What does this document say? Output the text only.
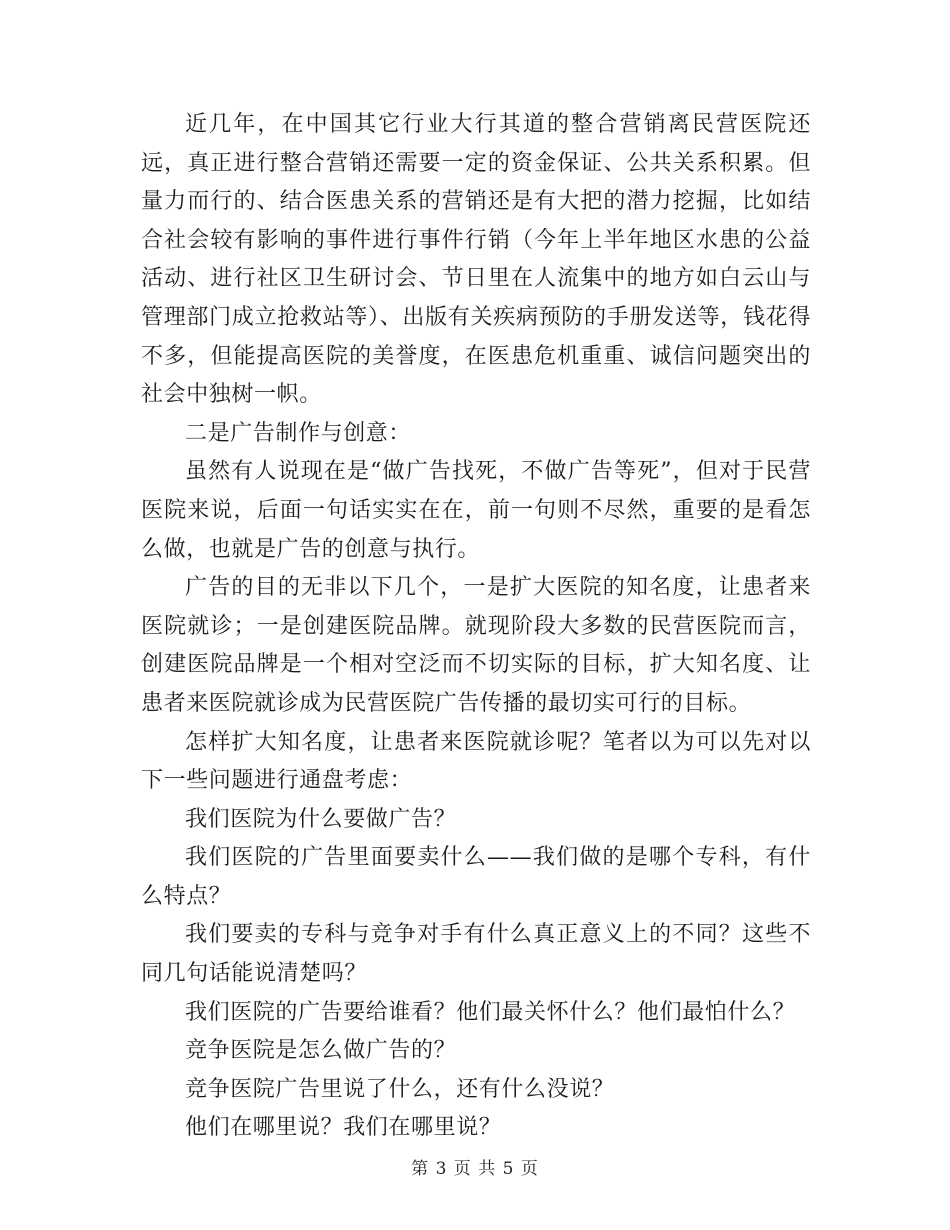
近几年，在中国其它行业大行其道的整合营销离民营医院还远，真正进行整合营销还需要一定的资金保证、公共关系积累。但量力而行的、结合医患关系的营销还是有大把的潜力挖掘，比如结合社会较有影响的事件进行事件行销（今年上半年地区水患的公益活动、进行社区卫生研讨会、节日里在人流集中的地方如白云山与管理部门成立抢救站等）、出版有关疾病预防的手册发送等，钱花得不多，但能提高医院的美誉度，在医患危机重重、诚信问题突出的社会中独树一帜。

二是广告制作与创意：

虽然有人说现在是“做广告找死，不做广告等死”，但对于民营医院来说，后面一句话实实在在，前一句则不尽然，重要的是看怎么做，也就是广告的创意与执行。

广告的目的无非以下几个，一是扩大医院的知名度，让患者来医院就诊；一是创建医院品牌。就现阶段大多数的民营医院而言，创建医院品牌是一个相对空泛而不切实际的目标，扩大知名度、让患者来医院就诊成为民营医院广告传播的最切实可行的目标。

怎样扩大知名度，让患者来医院就诊呢？笔者以为可以先对以下一些问题进行通盘考虑：

我们医院为什么要做广告？

我们医院的广告里面要卖什么——我们做的是哪个专科，有什么特点？

我们要卖的专科与竞争对手有什么真正意义上的不同？这些不同几句话能说清楚吗？

我们医院的广告要给谁看？他们最关怀什么？他们最怕什么？

竞争医院是怎么做广告的？

竞争医院广告里说了什么，还有什么没说？

他们在哪里说？我们在哪里说？

第 3 页 共 5 页
